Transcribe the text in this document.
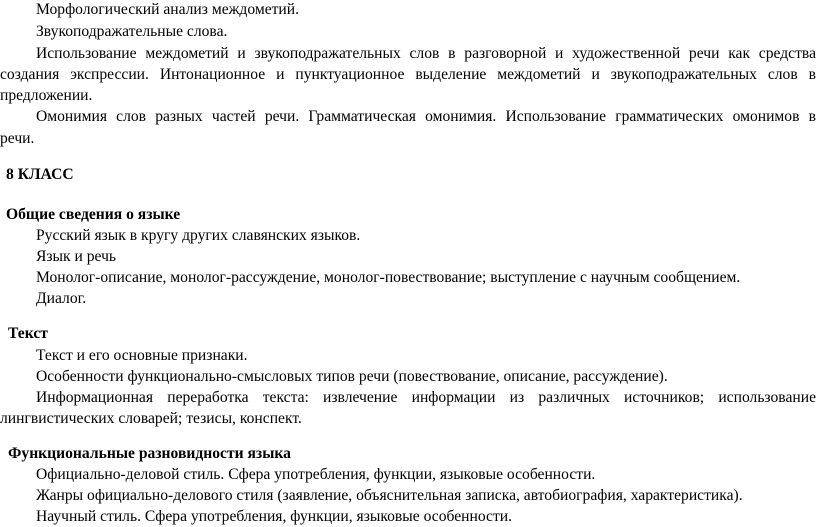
Морфологический анализ междометий.

Звукоподражательные слова.

Использование междометий и звукоподражательных слов в разговорной и художественной речи как средства

создания экспрессии. Интонационное и пунктуационное выделение междометий и звукоподражательных слов в

предложении.

Омонимия слов разных частей речи. Грамматическая омонимия. Использование грамматических омонимов в

речи.

8 КЛАСС

Общие сведения о языке

Русский язык в кругу других славянских языков.

Язык и речь

Монолог-описание, монолог-рассуждение, монолог-повествование; выступление с научным сообщением.

Диалог.

Текст

Текст и его основные признаки.

Особенности функционально-смысловых типов речи (повествование, описание, рассуждение).

Информационная переработка текста: извлечение информации из различных источников; использование

лингвистических словарей; тезисы, конспект.

Функциональные разновидности языка

Официально-деловой стиль. Сфера употребления, функции, языковые особенности.

Жанры официально-делового стиля (заявление, объяснительная записка, автобиография, характеристика).

Научный стиль. Сфера употребления, функции, языковые особенности.
